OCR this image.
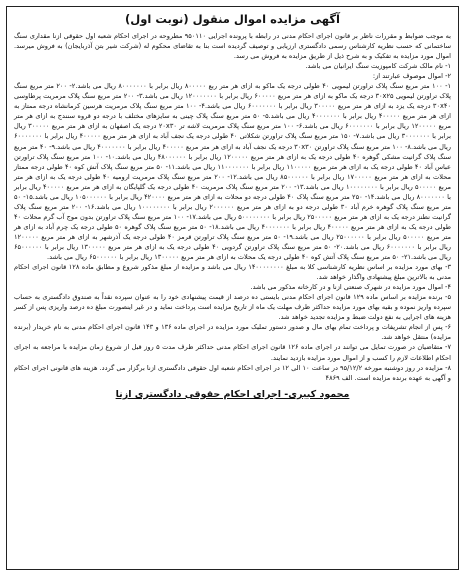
آگهی مزایده اموال منقول (نوبت اول)

به موجب ضوابط و مقررات ناظر بر قانون اجرای احکام مدنی در رابطه با پرونده اجرایی ۹۵۰۱۱۰ مطروحه در اجرای احکام شعبه اول حقوقی ازنا مقداری سنگ ساختمانی که حسب نظریه کارشناس رسمی دادگستری ارزیابی و توصیف گردیده است بنا به تقاضای محکوم له (شرکت شیر بتن آذربایجان) به فروش میرسد. اموال مورد مزایده به تفکیک و به شرح ذیل از طریق مزایده به فروش می رسد.

۱- نام مالک شرکت کامپوزیت سنگ ایرانیان می باشد.

۲- اموال موصوف عبارتند از:

۱- ۱۰۰ متر مربع سنگ پلاک تراورتن لیمویی ۴۰ طولی درجه یک ماکو به ازای هر متر ربع ۸۰۰۰۰۰ ریال برابر با ۸۰۰۰۰۰۰۰ ریال می باشد.۲- ۲۰۰ متر مربع سنگ پلاک تراورتن لیمویی ۳۰x۲۵ درجه یک ماکو به ازای هر متر مربع ۶۰۰۰۰۰ ریال برابر با ۱۲۰۰۰۰۰۰۰ ریال می باشد.۳- ۲۰۰ متر مربع سنگ پلاک مرمریت پرطاوسی ۳۰x۴۰ درجه یک یزد به ازای هر متر مربع ۳۰۰۰۰۰ ریال برابر با ۶۰۰۰۰۰۰۰ ریال می باشد.۴- ۱۰۰ متر مربع سنگ پلاک مرمریت هرسین کرمانشاه درجه ممتاز به ازای هر متر مربع ۴۰۰۰۰۰ ریال برابر با ۴۰۰۰۰۰۰۰ ریال می باشد.۵- ۵۰ متر مربع سنگ پلاک چینی به سایزهای مختلف با درجه دو قروه سنندج به ازای هر متر مربع ۱۲۰۰۰۰۰ ریال برابر با ۶۰۰۰۰۰۰۰ ریال می باشد.۶- ۱۰۰ متر مربع سنگ پلاک مرمریت لاشه تر ۲۰x۳۰ درجه یک اصفهان به ازای هر متر مربع ۳۰۰۰۰۰ ریال برابر با ۳۰۰۰۰۰۰۰ ریال می باشد.۷- ۱۵۰ متر مربع سنگ پلاک تراورتن شکلاتی ۴۰ طولی درجه یک نجف آباد به ازای هر متر مربع ۴۰۰۰۰۰ ریال برابر با ۶۰۰۰۰۰۰۰ ریال می باشد.۸- ۱۰۰ متر مربع سنگ پلاک تراورتن ۳۰x۳۰ درجه یک نجف آباد به ازای هر متر مربع ۴۰۰۰۰۰ ریال برابر با ۴۰۰۰۰۰۰۰ ریال می باشد.۹- ۴۰ متر مربع سنگ پلاک گرانیت مشکی گوهره ۴۰ طولی درجه یک به ازای هر متر مربع ۱۲۰۰۰۰۰ ریال برابر با ۴۸۰۰۰۰۰۰ ریال می باشد.۱۰- ۱۰۰ متر مربع سنگ پلاک تراورتن عباس آباد ۴۰ طولی درجه یک به ازای هر متر مربع ۱۱۰۰۰۰۰ ریال برابر با ۱۱۰۰۰۰۰۰۰ ریال می باشد.۱۱- ۵۰ متر مربع سنگ پلاک آتش کوه ۴۰ طولی درجه ممتاز محلات به ازای هر متر مربع ۱۷۰۰۰۰۰ ریال برابر با ۸۵۰۰۰۰۰۰ ریال می باشد.۱۲- ۲۰۰ متر مربع سنگ پلاک مرمریت ارومیه ۴۰ طولی درجه یک به ازای هر متر مربع ۵۰۰۰۰۰ ریال برابر با ۱۰۰۰۰۰۰۰۰ ریال می باشد.۱۳- ۲۰۰ متر مربع سنگ پلاک مرمریت ۴۰ طولی درجه یک گلپایگان به ازای هر متر مربع ۴۰۰۰۰۰ ریال برابر با ۸۰۰۰۰۰۰۰ ریال می باشد.۱۴- ۲۵۰ متر مربع سنگ پلاک ۴۰ طولی درجه دو محلات به ازای هر متر مربع ۴۲۰۰۰۰ ریال برابر با ۱۰۵۰۰۰۰۰۰ ریال می باشد.۱۵- ۵۰ متر مربع سنگ پلاک گوهره خرم آباد ۳۰ طولی درجه دو به ازای هر متر مربع ۲۰۰۰۰۰۰ ریال برابر با ۱۰۰۰۰۰۰۰۰ ریال می باشد.۱۶- ۲۰۰ متر مربع سنگ پلاک گرانیت نطنز درجه یک به ازای هر متر مربع ۲۵۰۰۰۰۰ ریال برابر با ۵۰۰۰۰۰۰۰۰ ریال می باشد.۱۷- ۱۰۰ متر مربع سنگ پلاک تراورتن بدون موج آب گرم محلات ۴۰ طولی درجه یک به ازای هر متر مربع ۴۰۰۰۰۰ ریال برابر با ۴۰۰۰۰۰۰۰ ریال می باشد.۱۸- ۵۰ متر مربع سنگ پلاک گوهره ۵۰ طولی درجه یک چرم آباد به ازای هر متر مربع ۵۰۰۰۰۰ ریال برابر با ۲۵۰۰۰۰۰۰ ریال می باشد.۱۹- ۵۰ متر مربع سنگ پلاک تراورتن قرمز ۴۰ طولی درجه یک آذرشهر به ازای هر متر مربع ۱۲۰۰۰۰۰ ریال برابر با ۶۰۰۰۰۰۰۰ ریال می باشد.۲۰- ۵۰ متر مربع سنگ پلاک تراورتن گردویی ۴۰ طولی درجه یک به ازای هر متر مربع ۱۳۰۰۰۰۰ ریال برابر با ۶۵۰۰۰۰۰۰ ریال می باشد.۲۱- ۵۰ متر مربع سنگ پلاک آتش کوه ۴۰ طولی درجه یک محلات به ازای هر متر مربع ۱۳۰۰۰۰۰ ریال برابر با ۶۵۰۰۰۰۰۰ ریال می باشد.

۳- بهای مورد مزایده بر اساس نظریه کارشناسی کلا به مبلغ ۱۴۰۰۰۰۰۰۰۰ ریال می باشد و مزایده از مبلغ مذکور شروع و مطابق ماده ۱۲۸ قانون اجرای احکام مدنی به بالاترین مبلغ پیشنهادی واگذار خواهد شد.

۴- اموال مورد مزایده در شهرک صنعتی ازنا و در کارخانه مذکور می باشد.

۵- برنده مزایده بر اساس ماده ۱۲۹ قانون اجرای احکام مدنی بایستی ده درصد از قیمت پیشنهادی خود را به عنوان سپرده نقداً به صندوق دادگستری به حساب سپرده واریز نموده و بقیه بهای مورد مزایده حداکثر ظرف مهلت یک ماه از تاریخ مزایده است پرداخت نماید و در غیر اینصورت مبلغ ده درصد واریزی پس از کسر هزینه های اجرایی به نفع دولت ضبط و مزایده تجدید خواهد شد.

۶- پس از انجام تشریفات و پرداخت تمام بهای مال و صدور دستور تملیک مورد مزایده در اجرای ماده ۱۳۶ و ۱۴۳ قانون اجرای احکام مدنی به نام خریدار (برنده مزایده) منتقل خواهد شد.

۷- متقاضیان در صورت تمایل می توانند در اجرای ماده ۱۲۶ قانون اجرای احکام مدنی حداکثر ظرف مدت ۵ روز قبل از شروع زمان مزایده با مراجعه به اجرای احکام اطلاعات لازم را کسب و از اموال مورد مزایده بازدید نمایند.

۸- مزایده در روز دوشنبه مورخه ۹۵/۱۲/۲ در ساعت ۱۰ الی ۱۲ در اجرای احکام شعبه اول حقوقی دادگستری ازنا برگزار می گردد. هزینه های قانونی اجرای احکام و آگهی به عهده برنده مزایده است. الف ۴۸۶۹

محمود کبیری- اجرای احکام حقوقی دادگستری ازنا
